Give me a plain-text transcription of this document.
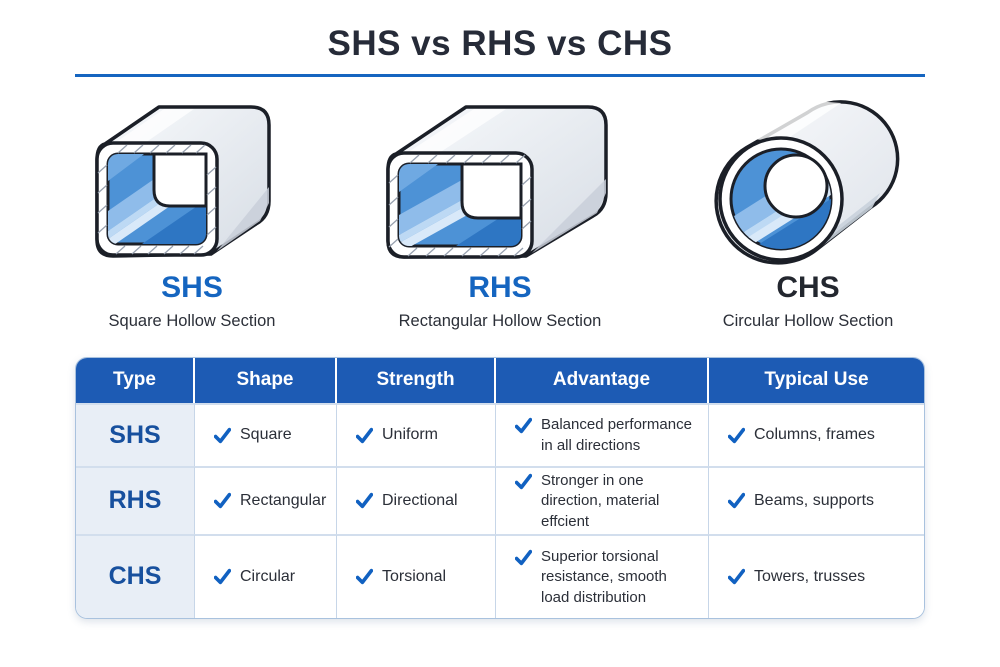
SHS vs RHS vs CHS
SHS
Square Hollow Section
RHS
Rectangular Hollow Section
CHS
Circular Hollow Section
Type	Shape	Strength	Advantage	Typical Use
SHS	Square	Uniform	Balanced performance in all directions	Columns, frames

RHS	Rectangular	Directional	Stronger in one direction, material effcient	Beams, supports

CHS	Circular	Torsional	Superior torsional resistance, smooth load distribution	Towers, trusses
